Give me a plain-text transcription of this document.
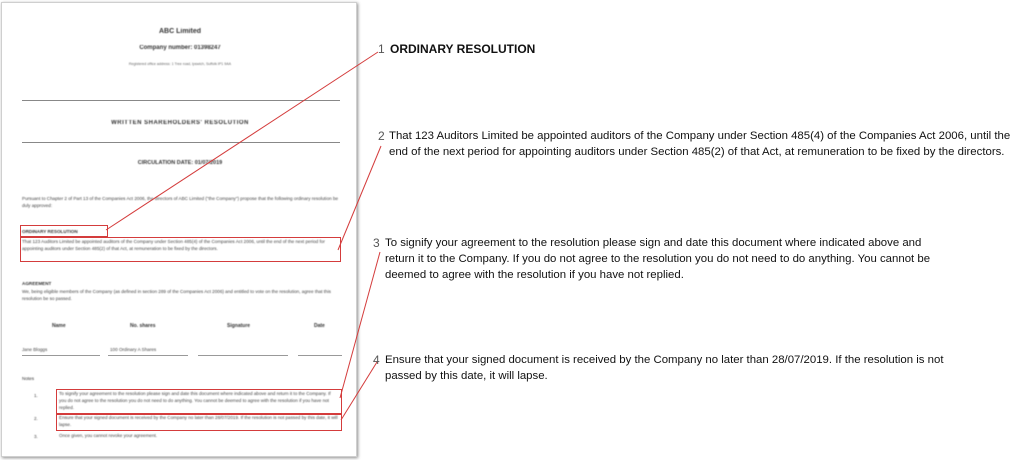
ABC Limited
Company number: 01398247
Registered office address: 1 Tree road, Ipswich, Suffolk IP1 9AA
WRITTEN SHAREHOLDERS' RESOLUTION
CIRCULATION DATE: 01/07/2019
Pursuant to Chapter 2 of Part 13 of the Companies Act 2006, the directors of ABC Limited ("the Company") propose that the following ordinary resolution be duly approved:
ORDINARY RESOLUTION
That 123 Auditors Limited be appointed auditors of the Company under Section 485(4) of the Companies Act 2006, until the end of the next period for appointing auditors under Section 485(2) of that Act, at remuneration to be fixed by the directors.
AGREEMENT
We, being eligible members of the Company (as defined in section 289 of the Companies Act 2006) and entitled to vote on the resolution, agree that this resolution be so passed.
Name	No. shares	Signature	Date
Jane Bloggs	100 Ordinary A Shares
Notes
1.	To signify your agreement to the resolution please sign and date this document where indicated above and return it to the Company. If you do not agree to the resolution you do not need to do anything. You cannot be deemed to agree with the resolution if you have not replied.
2.	Ensure that your signed document is received by the Company no later than 28/07/2019. If the resolution is not passed by this date, it will lapse.
3.	Once given, you cannot revoke your agreement.
1 ORDINARY RESOLUTION
2 That 123 Auditors Limited be appointed auditors of the Company under Section 485(4) of the Companies Act 2006, until the end of the next period for appointing auditors under Section 485(2) of that Act, at remuneration to be fixed by the directors.
3 To signify your agreement to the resolution please sign and date this document where indicated above and return it to the Company. If you do not agree to the resolution you do not need to do anything. You cannot be deemed to agree with the resolution if you have not replied.
4 Ensure that your signed document is received by the Company no later than 28/07/2019. If the resolution is not passed by this date, it will lapse.
